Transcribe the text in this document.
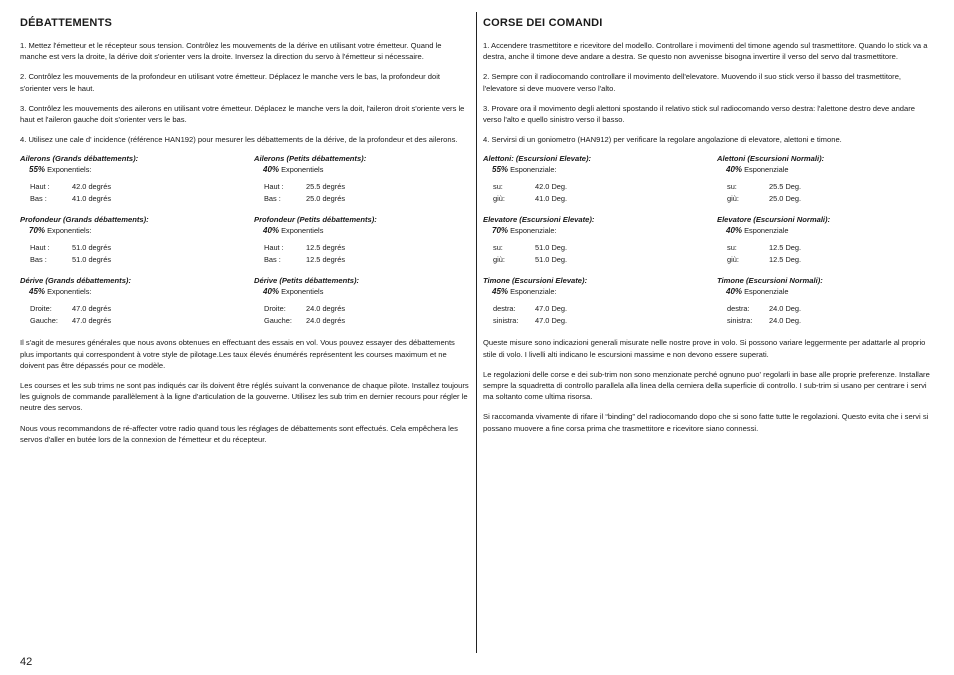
DÉBATTEMENTS

1. Mettez l'émetteur et le récepteur sous tension. Contrôlez les mouvements de la dérive en utilisant votre émetteur. Quand le manche est vers la droite, la dérive doit s'orienter vers la droite. Inversez la direction du servo à l'émetteur si nécessaire.

2. Contrôlez les mouvements de la profondeur en utilisant votre émetteur. Déplacez le manche vers le bas, la profondeur doit s'orienter vers le haut.

3. Contrôlez les mouvements des ailerons en utilisant votre émetteur. Déplacez le manche vers la doit, l'aileron droit s'oriente vers le haut et l'aileron gauche doit s'orienter vers le bas.

4. Utilisez une cale d' incidence (référence HAN192) pour mesurer les débattements de la dérive, de la profondeur et des ailerons.

Ailerons (Grands débattements):
55% Exponentiels:
Haut :	42.0 degrés
Bas :	41.0 degrés
Ailerons (Petits débattements):
40% Exponentiels
Haut :	25.5 degrés
Bas :	25.0 degrés
Profondeur (Grands débattements):
70% Exponentiels:
Haut :	51.0 degrés
Bas :	51.0 degrés
Profondeur (Petits débattements):
40% Exponentiels
Haut :	12.5 degrés
Bas :	12.5 degrés
Dérive (Grands débattements):
45% Exponentiels:
Droite:	47.0 degrés
Gauche:	47.0 degrés
Dérive (Petits débattements):
40% Exponentiels
Droite:	24.0 degrés
Gauche:	24.0 degrés

Il s'agit de mesures générales que nous avons obtenues en effectuant des essais en vol. Vous pouvez essayer des débattements plus importants qui correspondent à votre style de pilotage.Les taux élevés énumérés représentent les courses maximum et ne doivent pas être dépassés pour ce modèle.

Les courses et les sub trims ne sont pas indiqués car ils doivent être réglés suivant la convenance de chaque pilote. Installez toujours les guignols de commande parallèlement à la ligne d'articulation de la gouverne. Utilisez les sub trim en dernier recours pour régler le neutre des servos.

Nous vous recommandons de ré-affecter votre radio quand tous les réglages de débattements sont effectués. Cela empêchera les servos d'aller en butée lors de la connexion de l'émetteur et du récepteur.

CORSE DEI COMANDI

1. Accendere trasmettitore e ricevitore del modello. Controllare i movimenti del timone agendo sul trasmettitore. Quando lo stick va a destra, anche il timone deve andare a destra. Se questo non avvenisse bisogna invertire il verso del servo dal trasmettitore.

2. Sempre con il radiocomando controllare il movimento dell'elevatore. Muovendo il suo stick verso il basso del trasmettitore, l'elevatore si deve muovere verso l'alto.

3. Provare ora il movimento degli alettoni spostando il relativo stick sul radiocomando verso destra: l'alettone destro deve andare verso l'alto e quello sinistro verso il basso.

4. Servirsi di un goniometro (HAN912) per verificare la regolare angolazione di elevatore, alettoni e timone.

Alettoni: (Escursioni Elevate):
55% Esponenziale:
su:	42.0 Deg.
giù:	41.0 Deg.
Alettoni (Escursioni Normali):
40% Esponenziale
su:	25.5 Deg.
giù:	25.0 Deg.
Elevatore (Escursioni Elevate):
70% Esponenziale:
su:	51.0 Deg.
giù:	51.0 Deg.
Elevatore (Escursioni Normali):
40% Esponenziale
su:	12.5 Deg.
giù:	12.5 Deg.
Timone (Escursioni Elevate):
45% Esponenziale:
destra:	47.0 Deg.
sinistra:	47.0 Deg.
Timone (Escursioni Normali):
40% Esponenziale
destra:	24.0 Deg.
sinistra:	24.0 Deg.

Queste misure sono indicazioni generali misurate nelle nostre prove in volo. Si possono variare leggermente per adattarle al proprio stile di volo. I livelli alti indicano le escursioni massime e non devono essere superati.

Le regolazioni delle corse e dei sub-trim non sono menzionate perché ognuno puo' regolarli in base alle proprie preferenze. Installare sempre la squadretta di controllo parallela alla linea della cerniera della superficie di controllo. I sub-trim si usano per centrare i servi ma soltanto come ultima risorsa.

Si raccomanda vivamente di rifare il “binding” del radiocomando dopo che si sono fatte tutte le regolazioni. Questo evita che i servi si possano muovere a fine corsa prima che trasmettitore e ricevitore siano connessi.

42
